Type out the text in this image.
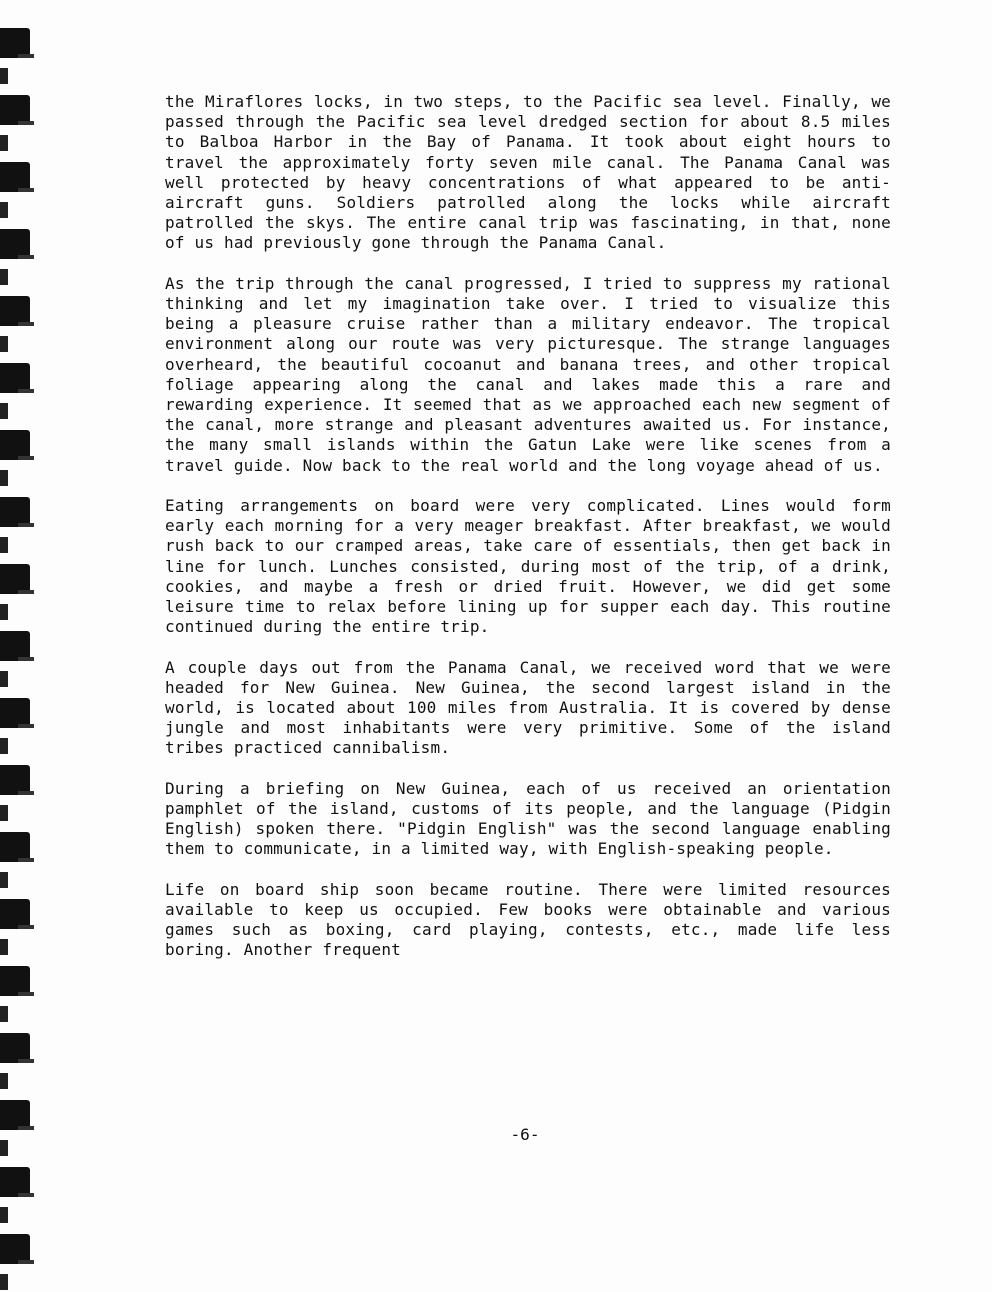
the Miraflores locks, in two steps, to the Pacific sea level. Finally, we passed through the Pacific sea level dredged section for about 8.5 miles to Balboa Harbor in the Bay of Panama. It took about eight hours to travel the approximately forty seven mile canal. The Panama Canal was well protected by heavy concentrations of what appeared to be anti-aircraft guns. Soldiers patrolled along the locks while aircraft patrolled the skys. The entire canal trip was fascinating, in that, none of us had previously gone through the Panama Canal.

As the trip through the canal progressed, I tried to suppress my rational thinking and let my imagination take over. I tried to visualize this being a pleasure cruise rather than a military endeavor. The tropical environment along our route was very picturesque. The strange languages overheard, the beautiful cocoanut and banana trees, and other tropical foliage appearing along the canal and lakes made this a rare and rewarding experience. It seemed that as we approached each new segment of the canal, more strange and pleasant adventures awaited us. For instance, the many small islands within the Gatun Lake were like scenes from a travel guide. Now back to the real world and the long voyage ahead of us.

Eating arrangements on board were very complicated. Lines would form early each morning for a very meager breakfast. After breakfast, we would rush back to our cramped areas, take care of essentials, then get back in line for lunch. Lunches consisted, during most of the trip, of a drink, cookies, and maybe a fresh or dried fruit. However, we did get some leisure time to relax before lining up for supper each day. This routine continued during the entire trip.

A couple days out from the Panama Canal, we received word that we were headed for New Guinea. New Guinea, the second largest island in the world, is located about 100 miles from Australia. It is covered by dense jungle and most inhabitants were very primitive. Some of the island tribes practiced cannibalism.

During a briefing on New Guinea, each of us received an orientation pamphlet of the island, customs of its people, and the language (Pidgin English) spoken there. "Pidgin English" was the second language enabling them to communicate, in a limited way, with English-speaking people.

Life on board ship soon became routine. There were limited resources available to keep us occupied. Few books were obtainable and various games such as boxing, card playing, contests, etc., made life less boring. Another frequent

-6-
